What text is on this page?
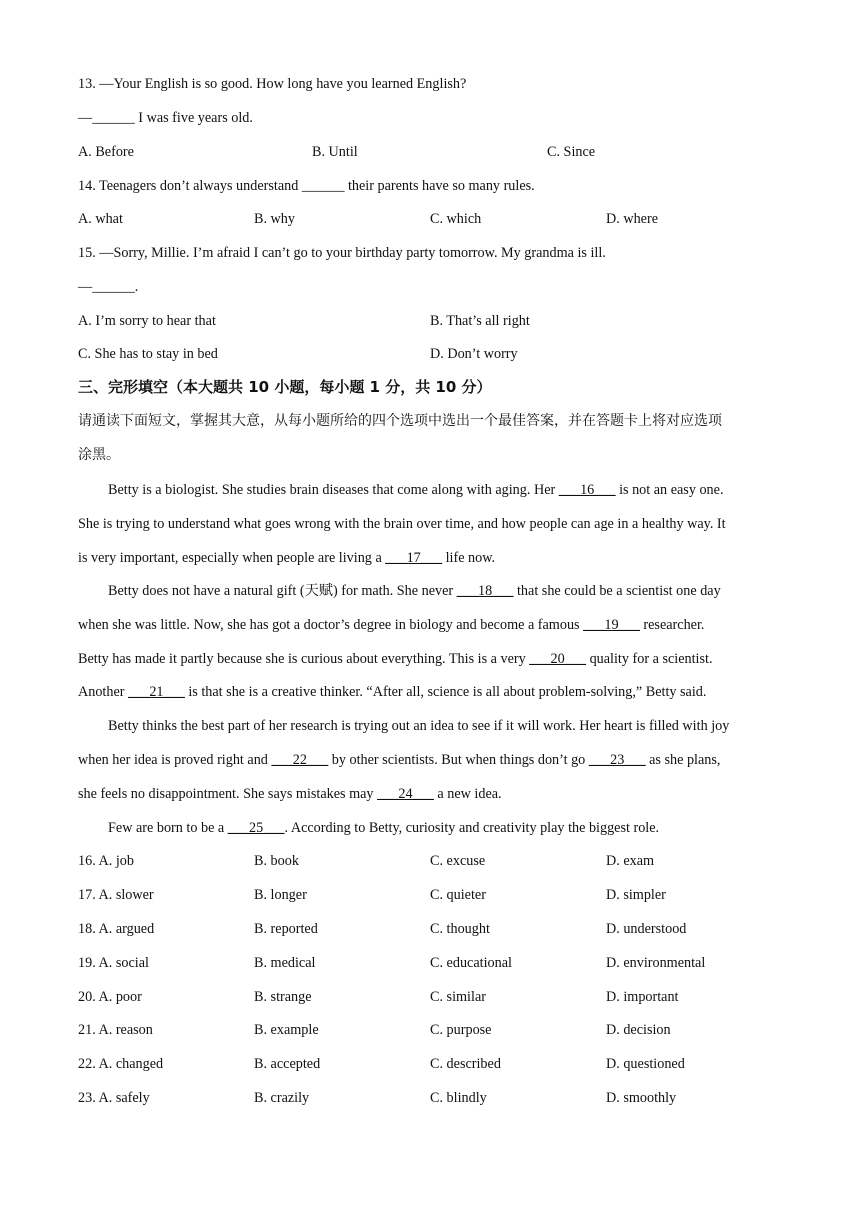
13. —Your English is so good. How long have you learned English?
—______ I was five years old.
A. Before	B. Until	C. Since
14. Teenagers don’t always understand ______ their parents have so many rules.
A. what	B. why	C. which	D. where
15. —Sorry, Millie. I’m afraid I can’t go to your birthday party tomorrow. My grandma is ill.
—______.
A. I’m sorry to hear that	B. That’s all right
C. She has to stay in bed	D. Don’t worry
三、完形填空（本大题共 10 小题，每小题 1 分，共 10 分）
请通读下面短文，掌握其大意，从每小题所给的四个选项中选出一个最佳答案，并在答题卡上将对应选项
涂黑。
Betty is a biologist. She studies brain diseases that come along with aging. Her ___16___ is not an easy one.
She is trying to understand what goes wrong with the brain over time, and how people can age in a healthy way. It
is very important, especially when people are living a ___17___ life now.
Betty does not have a natural gift (天赋) for math. She never ___18___ that she could be a scientist one day
when she was little. Now, she has got a doctor’s degree in biology and become a famous ___19___ researcher.
Betty has made it partly because she is curious about everything. This is a very ___20___ quality for a scientist.
Another ___21___ is that she is a creative thinker. “After all, science is all about problem-solving,” Betty said.
Betty thinks the best part of her research is trying out an idea to see if it will work. Her heart is filled with joy
when her idea is proved right and ___22___ by other scientists. But when things don’t go ___23___ as she plans,
she feels no disappointment. She says mistakes may ___24___ a new idea.
Few are born to be a ___25___. According to Betty, curiosity and creativity play the biggest role.
16. A. job	B. book	C. excuse	D. exam
17. A. slower	B. longer	C. quieter	D. simpler
18. A. argued	B. reported	C. thought	D. understood
19. A. social	B. medical	C. educational	D. environmental
20. A. poor	B. strange	C. similar	D. important
21. A. reason	B. example	C. purpose	D. decision
22. A. changed	B. accepted	C. described	D. questioned
23. A. safely	B. crazily	C. blindly	D. smoothly
